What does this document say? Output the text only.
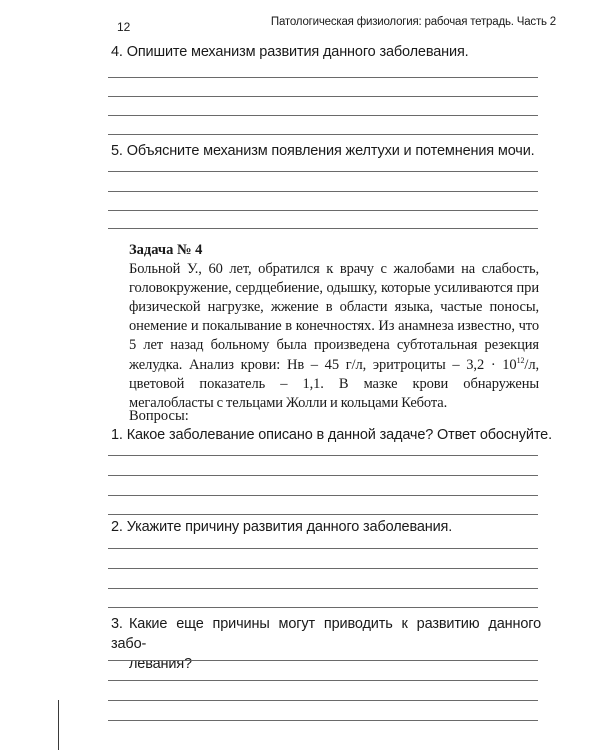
12	Патологическая физиология: рабочая тетрадь. Часть 2
4. Опишите механизм развития данного заболевания.
5. Объясните механизм появления желтухи и потемнения мочи.
Задача № 4
Больной У., 60 лет, обратился к врачу с жалобами на слабость, головокружение, сердцебиение, одышку, которые усиливаются при физической нагрузке, жжение в области языка, частые поносы, онемение и покалывание в конечностях. Из анамнеза известно, что 5 лет назад больному была произведена субтотальная резекция желудка. Анализ крови: Нв – 45 г/л, эритроциты – $3,2 \cdot 10^{12}/л$, цветовой показатель – 1,1. В мазке крови обнаружены мегалобласты с тельцами Жолли и кольцами Кебота.
Вопросы:
1. Какое заболевание описано в данной задаче? Ответ обоснуйте.
2. Укажите причину развития данного заболевания.
3. Какие еще причины могут приводить к развитию данного забо-
левания?
